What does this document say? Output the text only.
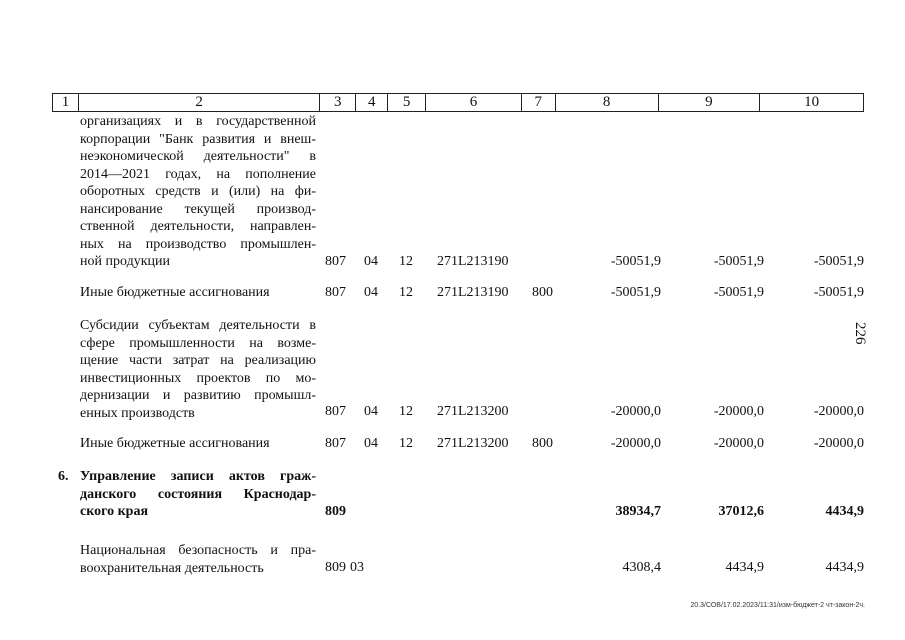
1	2	3	4	5	6	7	8	9	10
организациях и в государственной
корпорации "Банк развития и внеш-
неэкономической деятельности" в
2014—2021 годах, на пополнение
оборотных средств и (или) на фи-
нансирование текущей производ-
ственной деятельности, направлен-
ных на производство промышлен-
ной продукции	807 04 12 271L213190	-50051,9	-50051,9	-50051,9
Иные бюджетные ассигнования	807 04 12 271L213190 800	-50051,9	-50051,9	-50051,9
Субсидии субъектам деятельности в
сфере промышленности на возме-
щение части затрат на реализацию
инвестиционных проектов по мо-
дернизации и развитию промышл-
енных производств	807 04 12 271L213200	-20000,0	-20000,0	-20000,0
Иные бюджетные ассигнования	807 04 12 271L213200 800	-20000,0	-20000,0	-20000,0
6. Управление записи актов граж-
данского состояния Краснодар-
ского края	809	38934,7	37012,6	4434,9
Национальная безопасность и пра-
воохранительная деятельность	809 03	4308,4	4434,9	4434,9
226
20.3/СОВ/17.02.2023/11:31/изм-бюджет-2 чт-закон-2ч.
